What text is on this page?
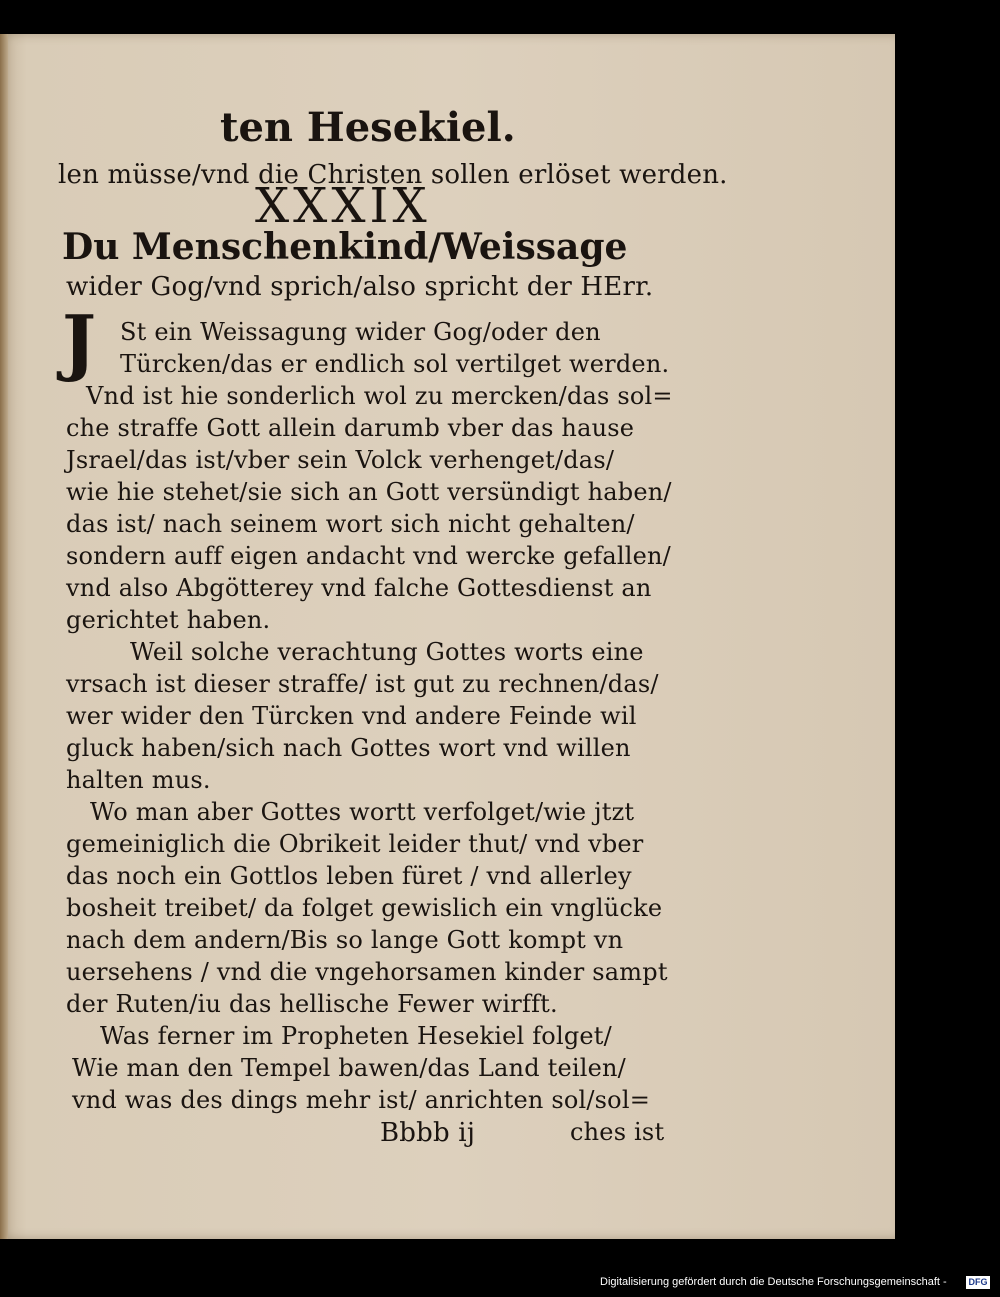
ten Hesekiel.
len müsse/vnd die Christen sollen erlöset werden.
XXXIX
Du Menschenkind/Weissage
wider Gog/vnd sprich/also spricht der HErr.
J St ein Weissagung wider Gog/oder den
Türcken/das er endlich sol vertilget werden.
Vnd ist hie sonderlich wol zu mercken/das sol=
che straffe Gott allein darumb vber das hause
Jsrael/das ist/vber sein Volck verhenget/das/
wie hie stehet/sie sich an Gott versündigt haben/
das ist/ nach seinem wort sich nicht gehalten/
sondern auff eigen andacht vnd wercke gefallen/
vnd also Abgötterey vnd falche Gottesdienst an
gerichtet haben.
Weil solche verachtung Gottes worts eine
vrsach ist dieser straffe/ ist gut zu rechnen/das/
wer wider den Türcken vnd andere Feinde wil
gluck haben/sich nach Gottes wort vnd willen
halten mus.
Wo man aber Gottes wortt verfolget/wie jtzt
gemeiniglich die Obrikeit leider thut/ vnd vber
das noch ein Gottlos leben füret / vnd allerley
bosheit treibet/ da folget gewislich ein vnglücke
nach dem andern/Bis so lange Gott kompt vn
uersehens / vnd die vngehorsamen kinder sampt
der Ruten/iu das hellische Fewer wirfft.
Was ferner im Propheten Hesekiel folget/
Wie man den Tempel bawen/das Land teilen/
vnd was des dings mehr ist/ anrichten sol/sol=
Bbbb ij	ches ist
Digitalisierung gefördert durch die Deutsche Forschungsgemeinschaft - DFG
